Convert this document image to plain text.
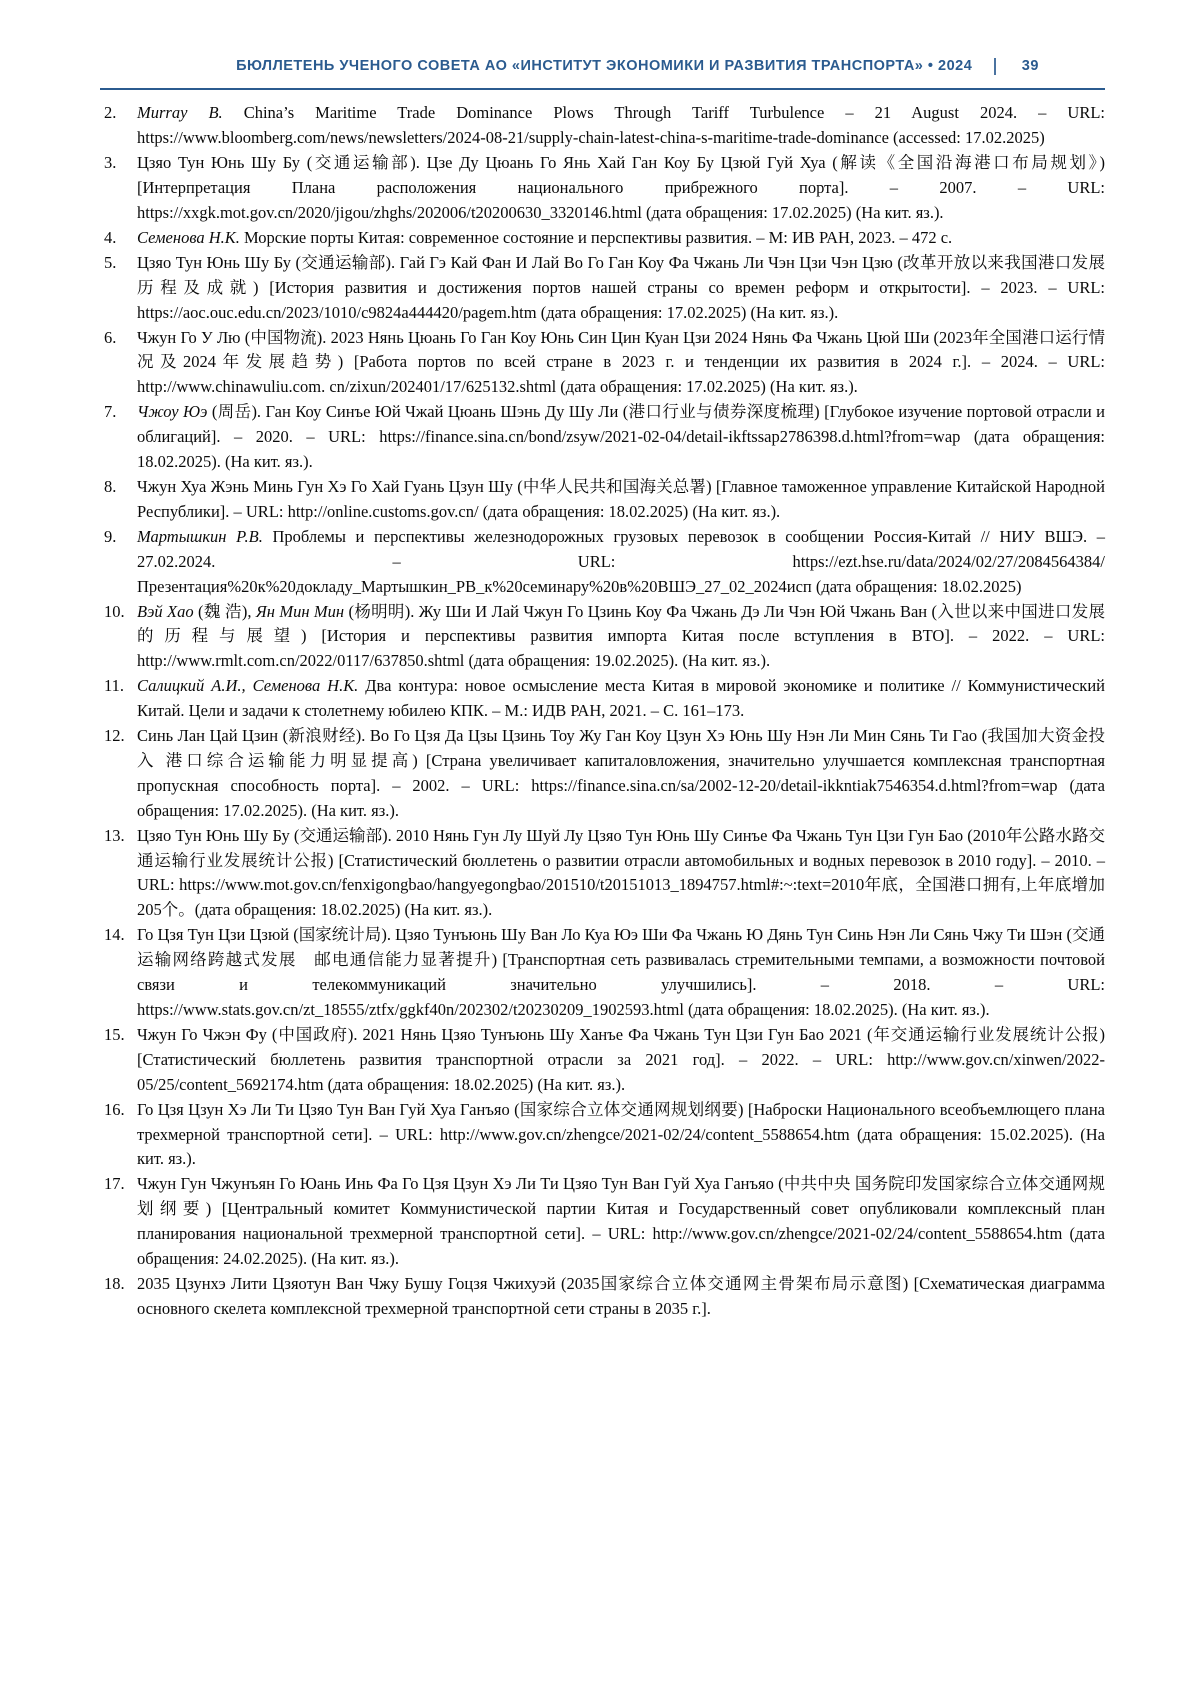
БЮЛЛЕТЕНЬ УЧЕНОГО СОВЕТА АО «ИНСТИТУТ ЭКОНОМИКИ И РАЗВИТИЯ ТРАНСПОРТА» • 2024	39
2.	Murray B. China’s Maritime Trade Dominance Plows Through Tariff Turbulence – 21 August 2024. – URL: https://www.bloomberg.com/news/newsletters/2024-08-21/supply-chain-latest-china-s-maritime-trade-dominance (accessed: 17.02.2025)
3.	Цзяо Тун Юнь Шу Бу (交通运输部). Цзе Ду Цюань Го Янь Хай Ган Коу Бу Цзюй Гуй Хуа (解读《全国沿海港口布局规划》) [Интерпретация Плана расположения национального прибрежного порта]. – 2007. – URL: https://xxgk.mot.gov.cn/2020/jigou/zhghs/202006/t20200630_3320146.html (дата обращения: 17.02.2025) (На кит. яз.).
4.	Семенова Н.К. Морские порты Китая: современное состояние и перспективы развития. – М: ИВ РАН, 2023. – 472 с.
5.	Цзяо Тун Юнь Шу Бу (交通运输部). Гай Гэ Кай Фан И Лай Во Го Ган Коу Фа Чжань Ли Чэн Цзи Чэн Цзю (改革开放以来我国港口发展历程及成就) [История развития и достижения портов нашей страны со времен реформ и открытости]. – 2023. – URL: https://aoc.ouc.edu.cn/2023/1010/c9824a444420/pagem.htm (дата обращения: 17.02.2025) (На кит. яз.).
6.	Чжун Го У Лю (中国物流). 2023 Нянь Цюань Го Ган Коу Юнь Син Цин Куан Цзи 2024 Нянь Фа Чжань Цюй Ши (2023年全国港口运行情况及2024年发展趋势) [Работа портов по всей стране в 2023 г. и тенденции их развития в 2024 г.]. – 2024. – URL: http://www.chinawuliu.com. cn/zixun/202401/17/625132.shtml (дата обращения: 17.02.2025) (На кит. яз.).
7.	Чжоу Юэ (周岳). Ган Коу Синъе Юй Чжай Цюань Шэнь Ду Шу Ли (港口行业与债券深度梳理) [Глубокое изучение портовой отрасли и облигаций]. – 2020. – URL: https://finance.sina.cn/bond/zsyw/2021-02-04/detail-ikftssap2786398.d.html?from=wap (дата обращения: 18.02.2025). (На кит. яз.).
8.	Чжун Хуа Жэнь Минь Гун Хэ Го Хай Гуань Цзун Шу (中华人民共和国海关总署) [Главное таможенное управление Китайской Народной Республики]. – URL: http://online.customs.gov.cn/ (дата обращения: 18.02.2025) (На кит. яз.).
9.	Мартышкин Р.В. Проблемы и перспективы железнодорожных грузовых перевозок в сообщении Россия-Китай // НИУ ВШЭ. – 27.02.2024. – URL: https://ezt.hse.ru/data/2024/02/27/2084564384/Презентация%20к%20докладу_Мартышкин_РВ_к%20семинару%20в%20ВШЭ_27_02_2024исп (дата обращения: 18.02.2025)
10. Вэй Хао (魏 浩), Ян Мин Мин (杨明明). Жу Ши И Лай Чжун Го Цзинь Коу Фа Чжань Дэ Ли Чэн Юй Чжань Ван (入世以来中国进口发展的历程与展望) [История и перспективы развития импорта Китая после вступления в ВТО]. – 2022. – URL: http://www.rmlt.com.cn/2022/0117/637850.shtml (дата обращения: 19.02.2025). (На кит. яз.).
11. Салицкий А.И., Семенова Н.К. Два контура: новое осмысление места Китая в мировой экономике и политике // Коммунистический Китай. Цели и задачи к столетнему юбилею КПК. – М.: ИДВ РАН, 2021. – С. 161–173.
12. Синь Лан Цай Цзин (新浪财经). Во Го Цзя Да Цзы Цзинь Тоу Жу Ган Коу Цзун Хэ Юнь Шу Нэн Ли Мин Сянь Ти Гао (我国加大资金投入 港口综合运输能力明显提高) [Страна увеличивает капиталовложения, значительно улучшается комплексная транспортная пропускная способность порта]. – 2002. – URL: https://finance.sina.cn/sa/2002-12-20/detail-ikkntiak7546354.d.html?from=wap (дата обращения: 17.02.2025). (На кит. яз.).
13. Цзяо Тун Юнь Шу Бу (交通运输部). 2010 Нянь Гун Лу Шуй Лу Цзяо Тун Юнь Шу Синъе Фа Чжань Тун Цзи Гун Бао (2010年公路水路交通运输行业发展统计公报) [Статистический бюллетень о развитии отрасли автомобильных и водных перевозок в 2010 году]. – 2010. – URL: https://www.mot.gov.cn/fenxigongbao/hangyegongbao/201510/t20151013_1894757.html#:~:text=2010年底，全国港口拥有,上年底增加205个。(дата обращения: 18.02.2025) (На кит. яз.).
14. Го Цзя Тун Цзи Цзюй (国家统计局). Цзяо Тунъюнь Шу Ван Ло Куа Юэ Ши Фа Чжань Ю Дянь Тун Синь Нэн Ли Сянь Чжу Ти Шэн (交通运输网络跨越式发展　邮电通信能力显著提升) [Транспортная сеть развивалась стремительными темпами, а возможности почтовой связи и телекоммуникаций значительно улучшились]. – 2018. – URL: https://www.stats.gov.cn/zt_18555/ztfx/ggkf40n/202302/t20230209_1902593.html (дата обращения: 18.02.2025). (На кит. яз.).
15. Чжун Го Чжэн Фу (中国政府). 2021 Нянь Цзяо Тунъюнь Шу Ханъе Фа Чжань Тун Цзи Гун Бао 2021 (年交通运输行业发展统计公报) [Статистический бюллетень развития транспортной отрасли за 2021 год]. – 2022. – URL: http://www.gov.cn/xinwen/2022-05/25/content_5692174.htm (дата обращения: 18.02.2025) (На кит. яз.).
16. Го Цзя Цзун Хэ Ли Ти Цзяо Тун Ван Гуй Хуа Ганъяо (国家综合立体交通网规划纲要) [Наброски Национального всеобъемлющего плана трехмерной транспортной сети]. – URL: http://www.gov.cn/zhengce/2021-02/24/content_5588654.htm (дата обращения: 15.02.2025). (На кит. яз.).
17. Чжун Гун Чжунъян Го Юань Инь Фа Го Цзя Цзун Хэ Ли Ти Цзяо Тун Ван Гуй Хуа Ганъяо (中共中央 国务院印发国家综合立体交通网规划纲要) [Центральный комитет Коммунистической партии Китая и Государственный совет опубликовали комплексный план планирования национальной трехмерной транспортной сети]. – URL: http://www.gov.cn/zhengce/2021-02/24/content_5588654.htm (дата обращения: 24.02.2025). (На кит. яз.).
18. 2035 Цзунхэ Лити Цзяотун Ван Чжу Бушу Гоцзя Чжихуэй (2035国家综合立体交通网主骨架布局示意图) [Схематическая диаграмма основного скелета комплексной трехмерной транспортной сети страны в 2035 г.].
